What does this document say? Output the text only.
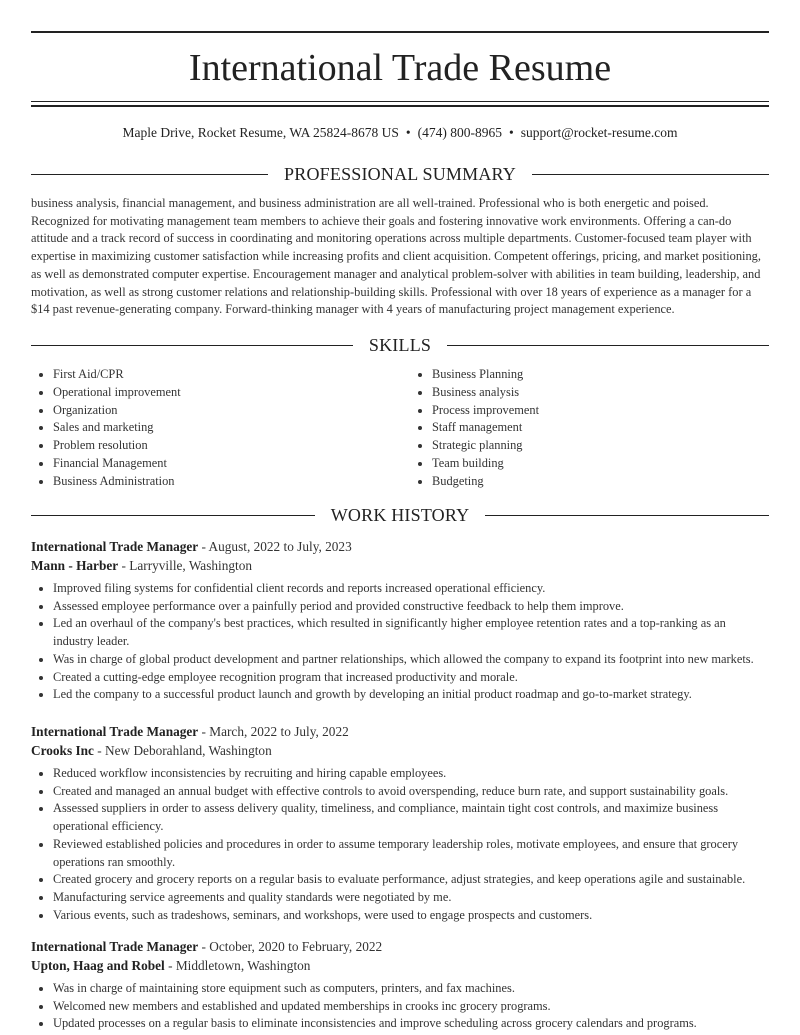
International Trade Resume
Maple Drive, Rocket Resume, WA 25824-8678 US • (474) 800-8965 • support@rocket-resume.com
PROFESSIONAL SUMMARY

business analysis, financial management, and business administration are all well-trained. Professional who is both energetic and poised. Recognized for motivating management team members to achieve their goals and fostering innovative work environments. Offering a can-do attitude and a track record of success in coordinating and monitoring operations across multiple departments. Customer-focused team player with expertise in maximizing customer satisfaction while increasing profits and client acquisition. Competent offerings, pricing, and market positioning, as well as demonstrated computer expertise. Encouragement manager and analytical problem-solver with abilities in team building, leadership, and motivation, as well as strong customer relations and relationship-building skills. Professional with over 18 years of experience as a manager for a $14 past revenue-generating company. Forward-thinking manager with 4 years of manufacturing project management experience.

SKILLS
• First Aid/CPR
• Operational improvement
• Organization
• Sales and marketing
• Problem resolution
• Financial Management
• Business Administration
• Business Planning
• Business analysis
• Process improvement
• Staff management
• Strategic planning
• Team building
• Budgeting
WORK HISTORY
International Trade Manager - August, 2022 to July, 2023
Mann - Harber - Larryville, Washington
• Improved filing systems for confidential client records and reports increased operational efficiency.
• Assessed employee performance over a painfully period and provided constructive feedback to help them improve.
• Led an overhaul of the company's best practices, which resulted in significantly higher employee retention rates and a top-ranking as an industry leader.
• Was in charge of global product development and partner relationships, which allowed the company to expand its footprint into new markets.
• Created a cutting-edge employee recognition program that increased productivity and morale.
• Led the company to a successful product launch and growth by developing an initial product roadmap and go-to-market strategy.
International Trade Manager - March, 2022 to July, 2022
Crooks Inc - New Deborahland, Washington
• Reduced workflow inconsistencies by recruiting and hiring capable employees.
• Created and managed an annual budget with effective controls to avoid overspending, reduce burn rate, and support sustainability goals.
• Assessed suppliers in order to assess delivery quality, timeliness, and compliance, maintain tight cost controls, and maximize business operational efficiency.
• Reviewed established policies and procedures in order to assume temporary leadership roles, motivate employees, and ensure that grocery operations ran smoothly.
• Created grocery and grocery reports on a regular basis to evaluate performance, adjust strategies, and keep operations agile and sustainable.
• Manufacturing service agreements and quality standards were negotiated by me.
• Various events, such as tradeshows, seminars, and workshops, were used to engage prospects and customers.
International Trade Manager - October, 2020 to February, 2022
Upton, Haag and Robel - Middletown, Washington
• Was in charge of maintaining store equipment such as computers, printers, and fax machines.
• Welcomed new members and established and updated memberships in crooks inc grocery programs.
• Updated processes on a regular basis to eliminate inconsistencies and improve scheduling across grocery calendars and programs.
